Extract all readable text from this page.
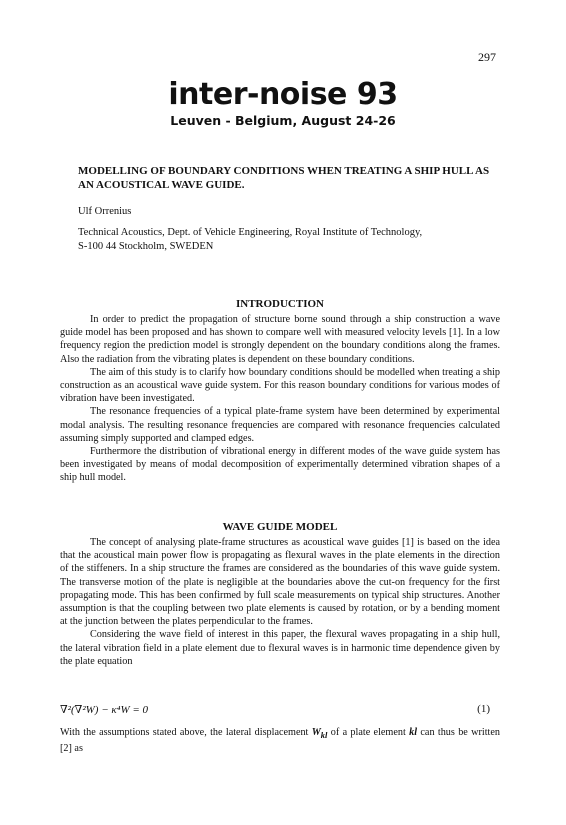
297
inter-noise 93
Leuven - Belgium, August 24-26
MODELLING OF BOUNDARY CONDITIONS WHEN TREATING A SHIP HULL AS AN ACOUSTICAL WAVE GUIDE.
Ulf Orrenius
Technical Acoustics, Dept. of Vehicle Engineering, Royal Institute of Technology,
S-100 44 Stockholm, SWEDEN
INTRODUCTION

In order to predict the propagation of structure borne sound through a ship construction a wave guide model has been proposed and has shown to compare well with measured velocity levels [1]. In a low frequency region the prediction model is strongly dependent on the boundary conditions along the frames. Also the radiation from the vibrating plates is dependent on these boundary conditions.

The aim of this study is to clarify how boundary conditions should be modelled when treating a ship construction as an acoustical wave guide system. For this reason boundary conditions for various modes of vibration have been investigated.

The resonance frequencies of a typical plate-frame system have been determined by experimental modal analysis. The resulting resonance frequencies are compared with resonance frequencies calculated assuming simply supported and clamped edges.

Furthermore the distribution of vibrational energy in different modes of the wave guide system has been investigated by means of modal decomposition of experimentally determined vibration shapes of a ship hull model.

WAVE GUIDE MODEL

The concept of analysing plate-frame structures as acoustical wave guides [1] is based on the idea that the acoustical main power flow is propagating as flexural waves in the plate elements in the direction of the stiffeners. In a ship structure the frames are considered as the boundaries of this wave guide system. The transverse motion of the plate is negligible at the boundaries above the cut-on frequency for the first propagating mode. This has been confirmed by full scale measurements on typical ship structures. Another assumption is that the coupling between two plate elements is caused by rotation, or by a bending moment at the junction between the plates perpendicular to the frames.

Considering the wave field of interest in this paper, the flexural waves propagating in a ship hull, the lateral vibration field in a plate element due to flexural waves is in harmonic time dependence given by the plate equation

∇²(∇²W) − κ⁴W = 0	(1)
With the assumptions stated above, the lateral displacement $W_{kl}$ of a plate element kl can thus be written [2] as
